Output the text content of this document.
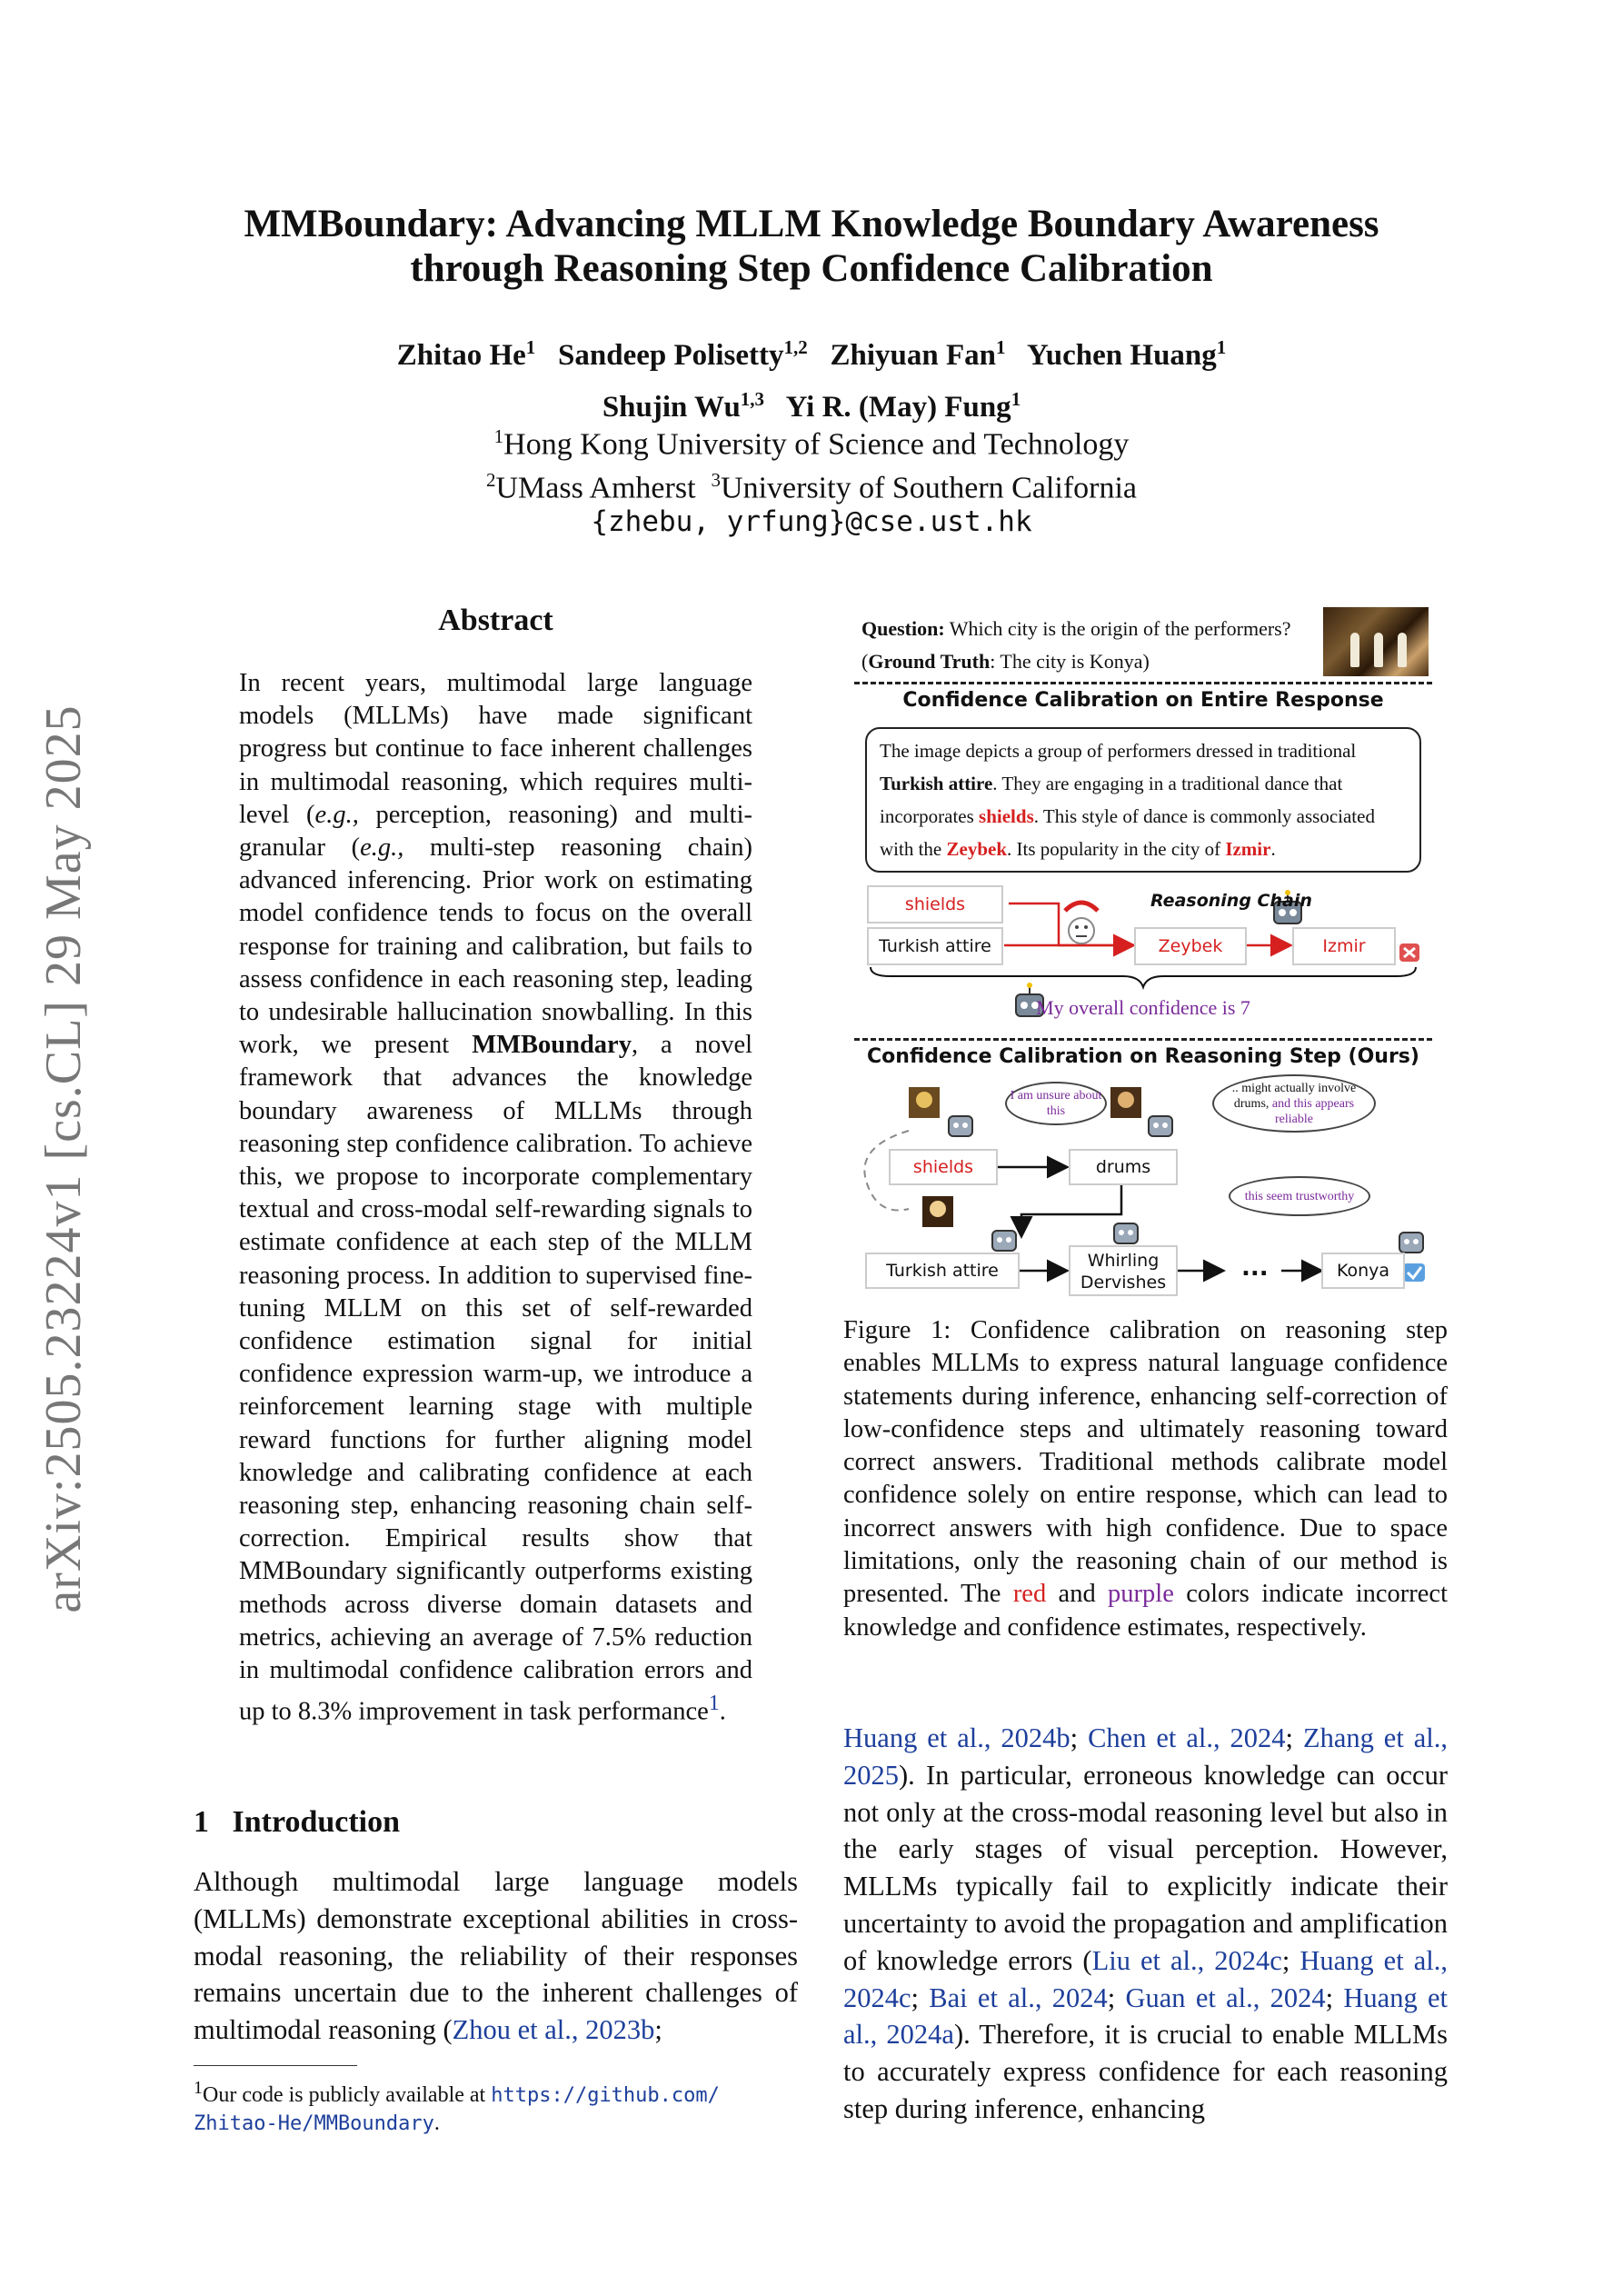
arXiv:2505.23224v1 [cs.CL] 29 May 2025
MMBoundary: Advancing MLLM Knowledge Boundary Awareness
through Reasoning Step Confidence Calibration
Zhitao He$^1$ Sandeep Polisetty$^{1,2}$ Zhiyuan Fan$^1$ Yuchen Huang$^1$
Shujin Wu$^{1,3}$ Yi R. (May) Fung$^1$
$^1$Hong Kong University of Science and Technology
$^2$UMass Amherst $^3$University of Southern California
{zhebu, yrfung}@cse.ust.hk
Abstract
In recent years, multimodal large language models (MLLMs) have made significant progress but continue to face inherent challenges in multimodal reasoning, which requires multi-level (e.g., perception, reasoning) and multi-granular (e.g., multi-step reasoning chain) advanced inferencing. Prior work on estimating model confidence tends to focus on the overall response for training and calibration, but fails to assess confidence in each reasoning step, leading to undesirable hallucination snowballing. In this work, we present MMBoundary, a novel framework that advances the knowledge boundary awareness of MLLMs through reasoning step confidence calibration. To achieve this, we propose to incorporate complementary textual and cross-modal self-rewarding signals to estimate confidence at each step of the MLLM reasoning process. In addition to supervised fine-tuning MLLM on this set of self-rewarded confidence estimation signal for initial confidence expression warm-up, we introduce a reinforcement learning stage with multiple reward functions for further aligning model knowledge and calibrating confidence at each reasoning step, enhancing reasoning chain self-correction. Empirical results show that MMBoundary significantly outperforms existing methods across diverse domain datasets and metrics, achieving an average of 7.5% reduction in multimodal confidence calibration errors and up to 8.3% improvement in task performance$^1$.
1 Introduction
Although multimodal large language models (MLLMs) demonstrate exceptional abilities in cross-modal reasoning, the reliability of their responses remains uncertain due to the inherent challenges of multimodal reasoning (Zhou et al., 2023b;
$^1$Our code is publicly available at https://github.com/
Zhitao-He/MMBoundary.
Question: Which city is the origin of the performers?
(Ground Truth: The city is Konya)
Confidence Calibration on Entire Response
The image depicts a group of performers dressed in traditional Turkish attire. They are engaging in a traditional dance that incorporates shields. This style of dance is commonly associated with the Zeybek. Its popularity in the city of Izmir.
shields
Turkish attire	Zeybek	Izmir
Reasoning Chain
My overall confidence is 7
Confidence Calibration on Reasoning Step (Ours)
I am unsure about this
.. might actually involve drums, and this appears reliable
this seem trustworthy
shields	drums
Turkish attire	Whirling
Dervishes
...	Konya
Figure 1: Confidence calibration on reasoning step enables MLLMs to express natural language confidence statements during inference, enhancing self-correction of low-confidence steps and ultimately reasoning toward correct answers. Traditional methods calibrate model confidence solely on entire response, which can lead to incorrect answers with high confidence. Due to space limitations, only the reasoning chain of our method is presented. The red and purple colors indicate incorrect knowledge and confidence estimates, respectively.
Huang et al., 2024b; Chen et al., 2024; Zhang et al., 2025). In particular, erroneous knowledge can occur not only at the cross-modal reasoning level but also in the early stages of visual perception. However, MLLMs typically fail to explicitly indicate their uncertainty to avoid the propagation and amplification of knowledge errors (Liu et al., 2024c; Huang et al., 2024c; Bai et al., 2024; Guan et al., 2024; Huang et al., 2024a). Therefore, it is crucial to enable MLLMs to accurately express confidence for each reasoning step during inference, enhancing
